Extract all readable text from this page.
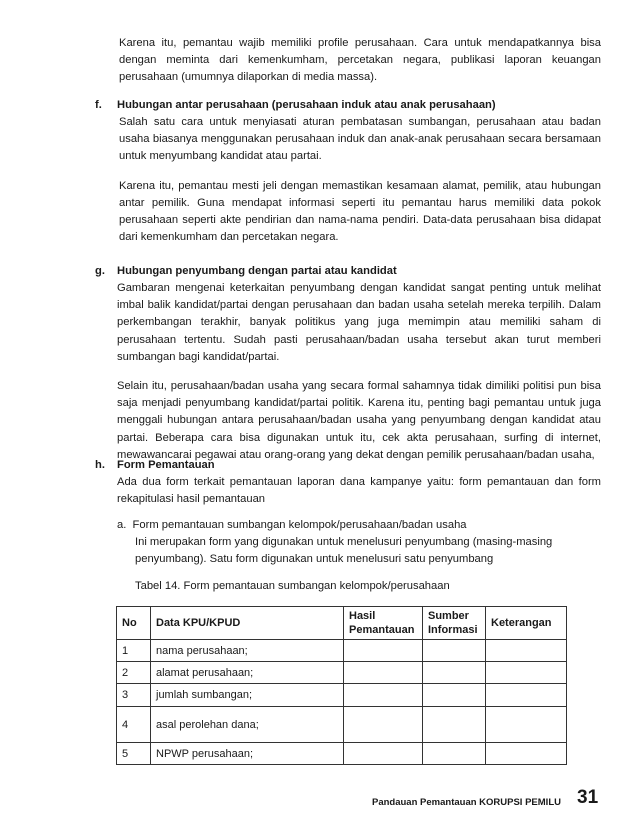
Karena itu, pemantau wajib memiliki profile perusahaan. Cara untuk mendapatkannya bisa dengan meminta dari kemenkumham, percetakan negara, publikasi laporan keuangan perusahaan (umumnya dilaporkan di media massa).

f. Hubungan antar perusahaan (perusahaan induk atau anak perusahaan)

Salah satu cara untuk menyiasati aturan pembatasan sumbangan, perusahaan atau badan usaha biasanya menggunakan perusahaan induk dan anak-anak perusahaan secara bersamaan untuk menyumbang kandidat atau partai.

Karena itu, pemantau mesti jeli dengan memastikan kesamaan alamat, pemilik, atau hubungan antar pemilik. Guna mendapat informasi seperti itu pemantau harus memiliki data pokok perusahaan seperti akte pendirian dan nama-nama pendiri. Data-data perusahaan bisa didapat dari kemenkumham dan percetakan negara.

g. Hubungan penyumbang dengan partai atau kandidat

Gambaran mengenai keterkaitan penyumbang dengan kandidat sangat penting untuk melihat imbal balik kandidat/partai dengan perusahaan dan badan usaha setelah mereka terpilih. Dalam perkembangan terakhir, banyak politikus yang juga memimpin atau memiliki saham di perusahaan tertentu. Sudah pasti perusahaan/badan usaha tersebut akan turut memberi sumbangan bagi kandidat/partai.

Selain itu, perusahaan/badan usaha yang secara formal sahamnya tidak dimiliki politisi pun bisa saja menjadi penyumbang kandidat/partai politik. Karena itu, penting bagi pemantau untuk juga menggali hubungan antara perusahaan/badan usaha yang penyumbang dengan kandidat atau partai. Beberapa cara bisa digunakan untuk itu, cek akta perusahaan, surfing di internet, mewawancarai pegawai atau orang-orang yang dekat dengan pemilik perusahaan/badan usaha,

h. Form Pemantauan

Ada dua form terkait pemantauan laporan dana kampanye yaitu: form pemantauan dan form rekapitulasi hasil pemantauan

a.  Form pemantauan sumbangan kelompok/perusahaan/badan usaha

Ini merupakan form yang digunakan untuk menelusuri penyumbang (masing-masing penyumbang). Satu form digunakan untuk menelusuri satu penyumbang

Tabel 14. Form pemantauan sumbangan kelompok/perusahaan
No	Data KPU/KPUD	Hasil Pemantauan	Sumber Informasi	Keterangan
1	nama perusahaan;			
2	alamat perusahaan;			
3	jumlah sumbangan;			
4	asal perolehan dana;			
5	NPWP perusahaan;			
Pandauan Pemantauan KORUPSI PEMILU 31
